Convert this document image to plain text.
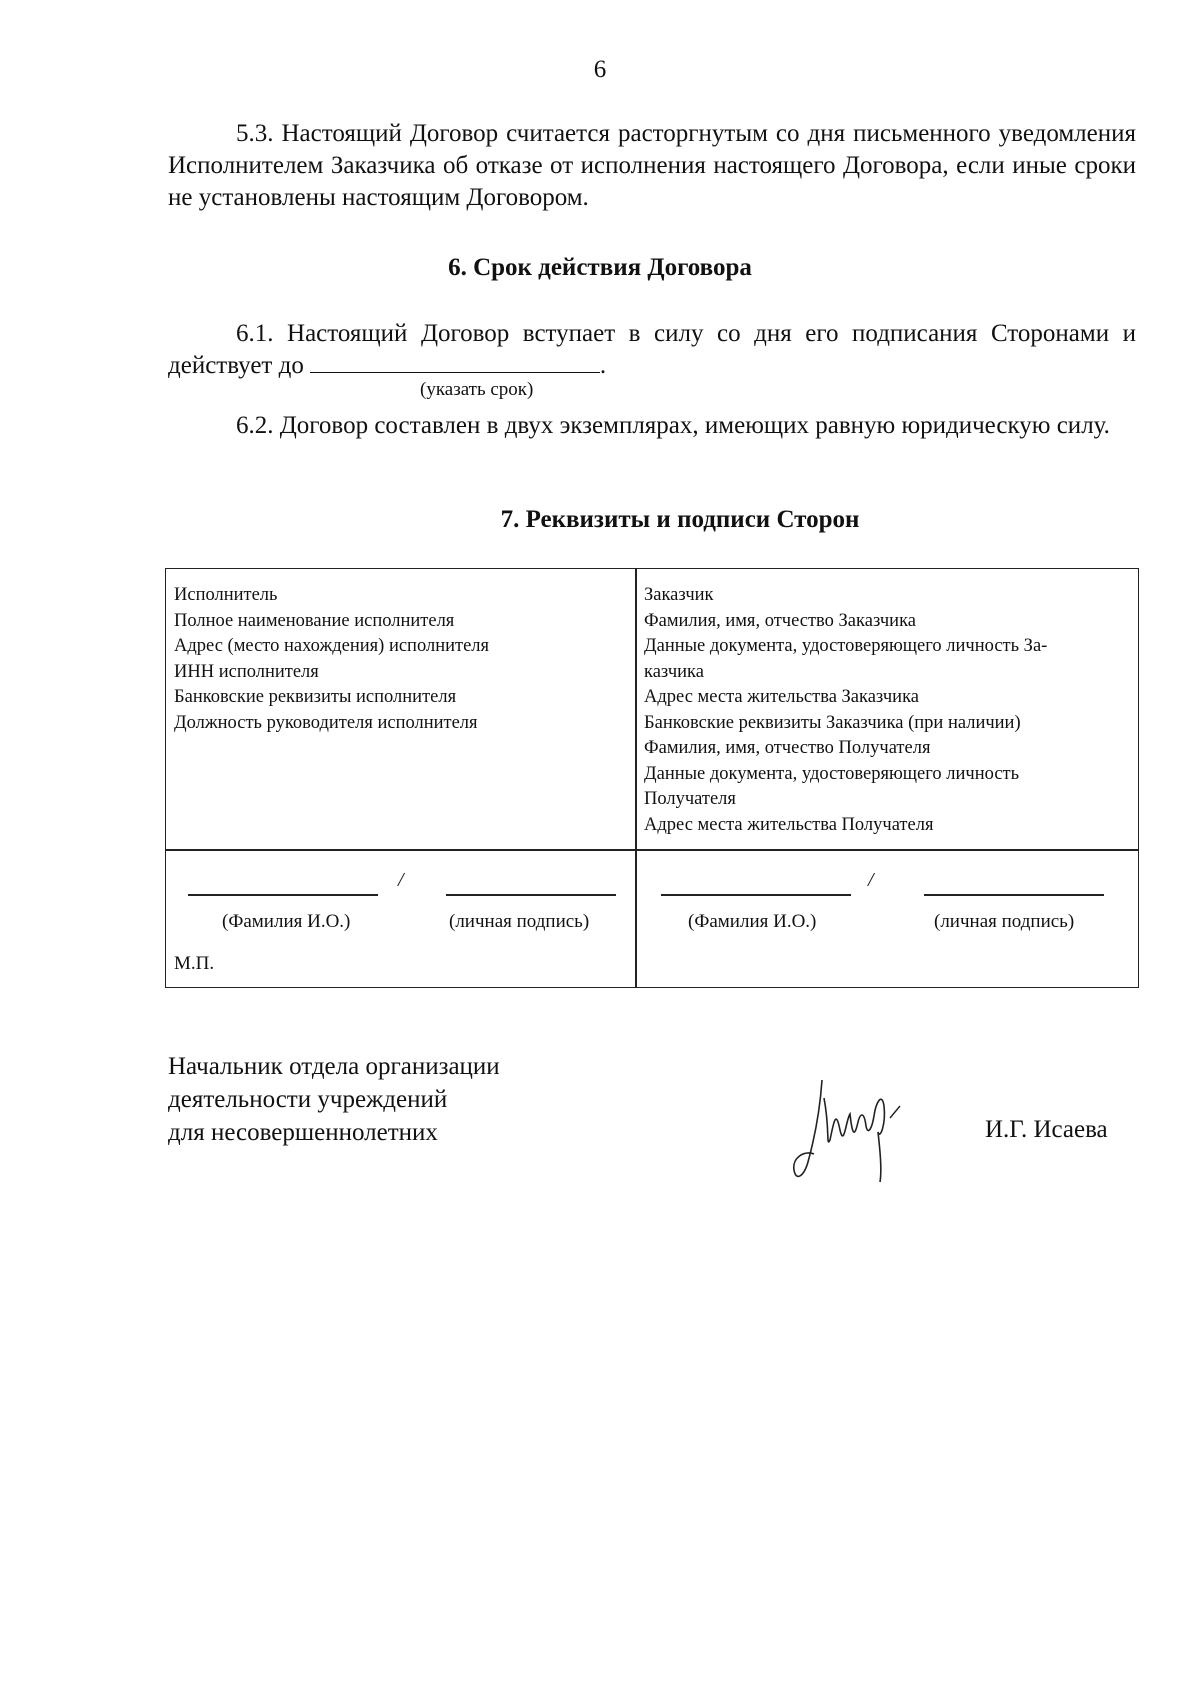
6
5.3. Настоящий Договор считается расторгнутым со дня письменного уведомления Исполнителем Заказчика об отказе от исполнения настоящего Договора, если иные сроки не установлены настоящим Договором.
6. Срок действия Договора
6.1. Настоящий Договор вступает в силу со дня его подписания Сторонами и действует до	.
(указать срок)
6.2. Договор составлен в двух экземплярах, имеющих равную юридическую силу.
7. Реквизиты и подписи Сторон
Исполнитель
Полное наименование исполнителя
Адрес (место нахождения) исполнителя
ИНН исполнителя
Банковские реквизиты исполнителя
Должность руководителя исполнителя
Заказчик
Фамилия, имя, отчество Заказчика
Данные документа, удостоверяющего личность За-
казчика
Адрес места жительства Заказчика
Банковские реквизиты Заказчика (при наличии)
Фамилия, имя, отчество Получателя
Данные документа, удостоверяющего личность
Получателя
Адрес места жительства Получателя
/
(Фамилия И.О.)	(личная подпись)
М.П.
/
(Фамилия И.О.)	(личная подпись)
Начальник отдела организации
деятельности учреждений
для несовершеннолетних	И.Г. Исаева
